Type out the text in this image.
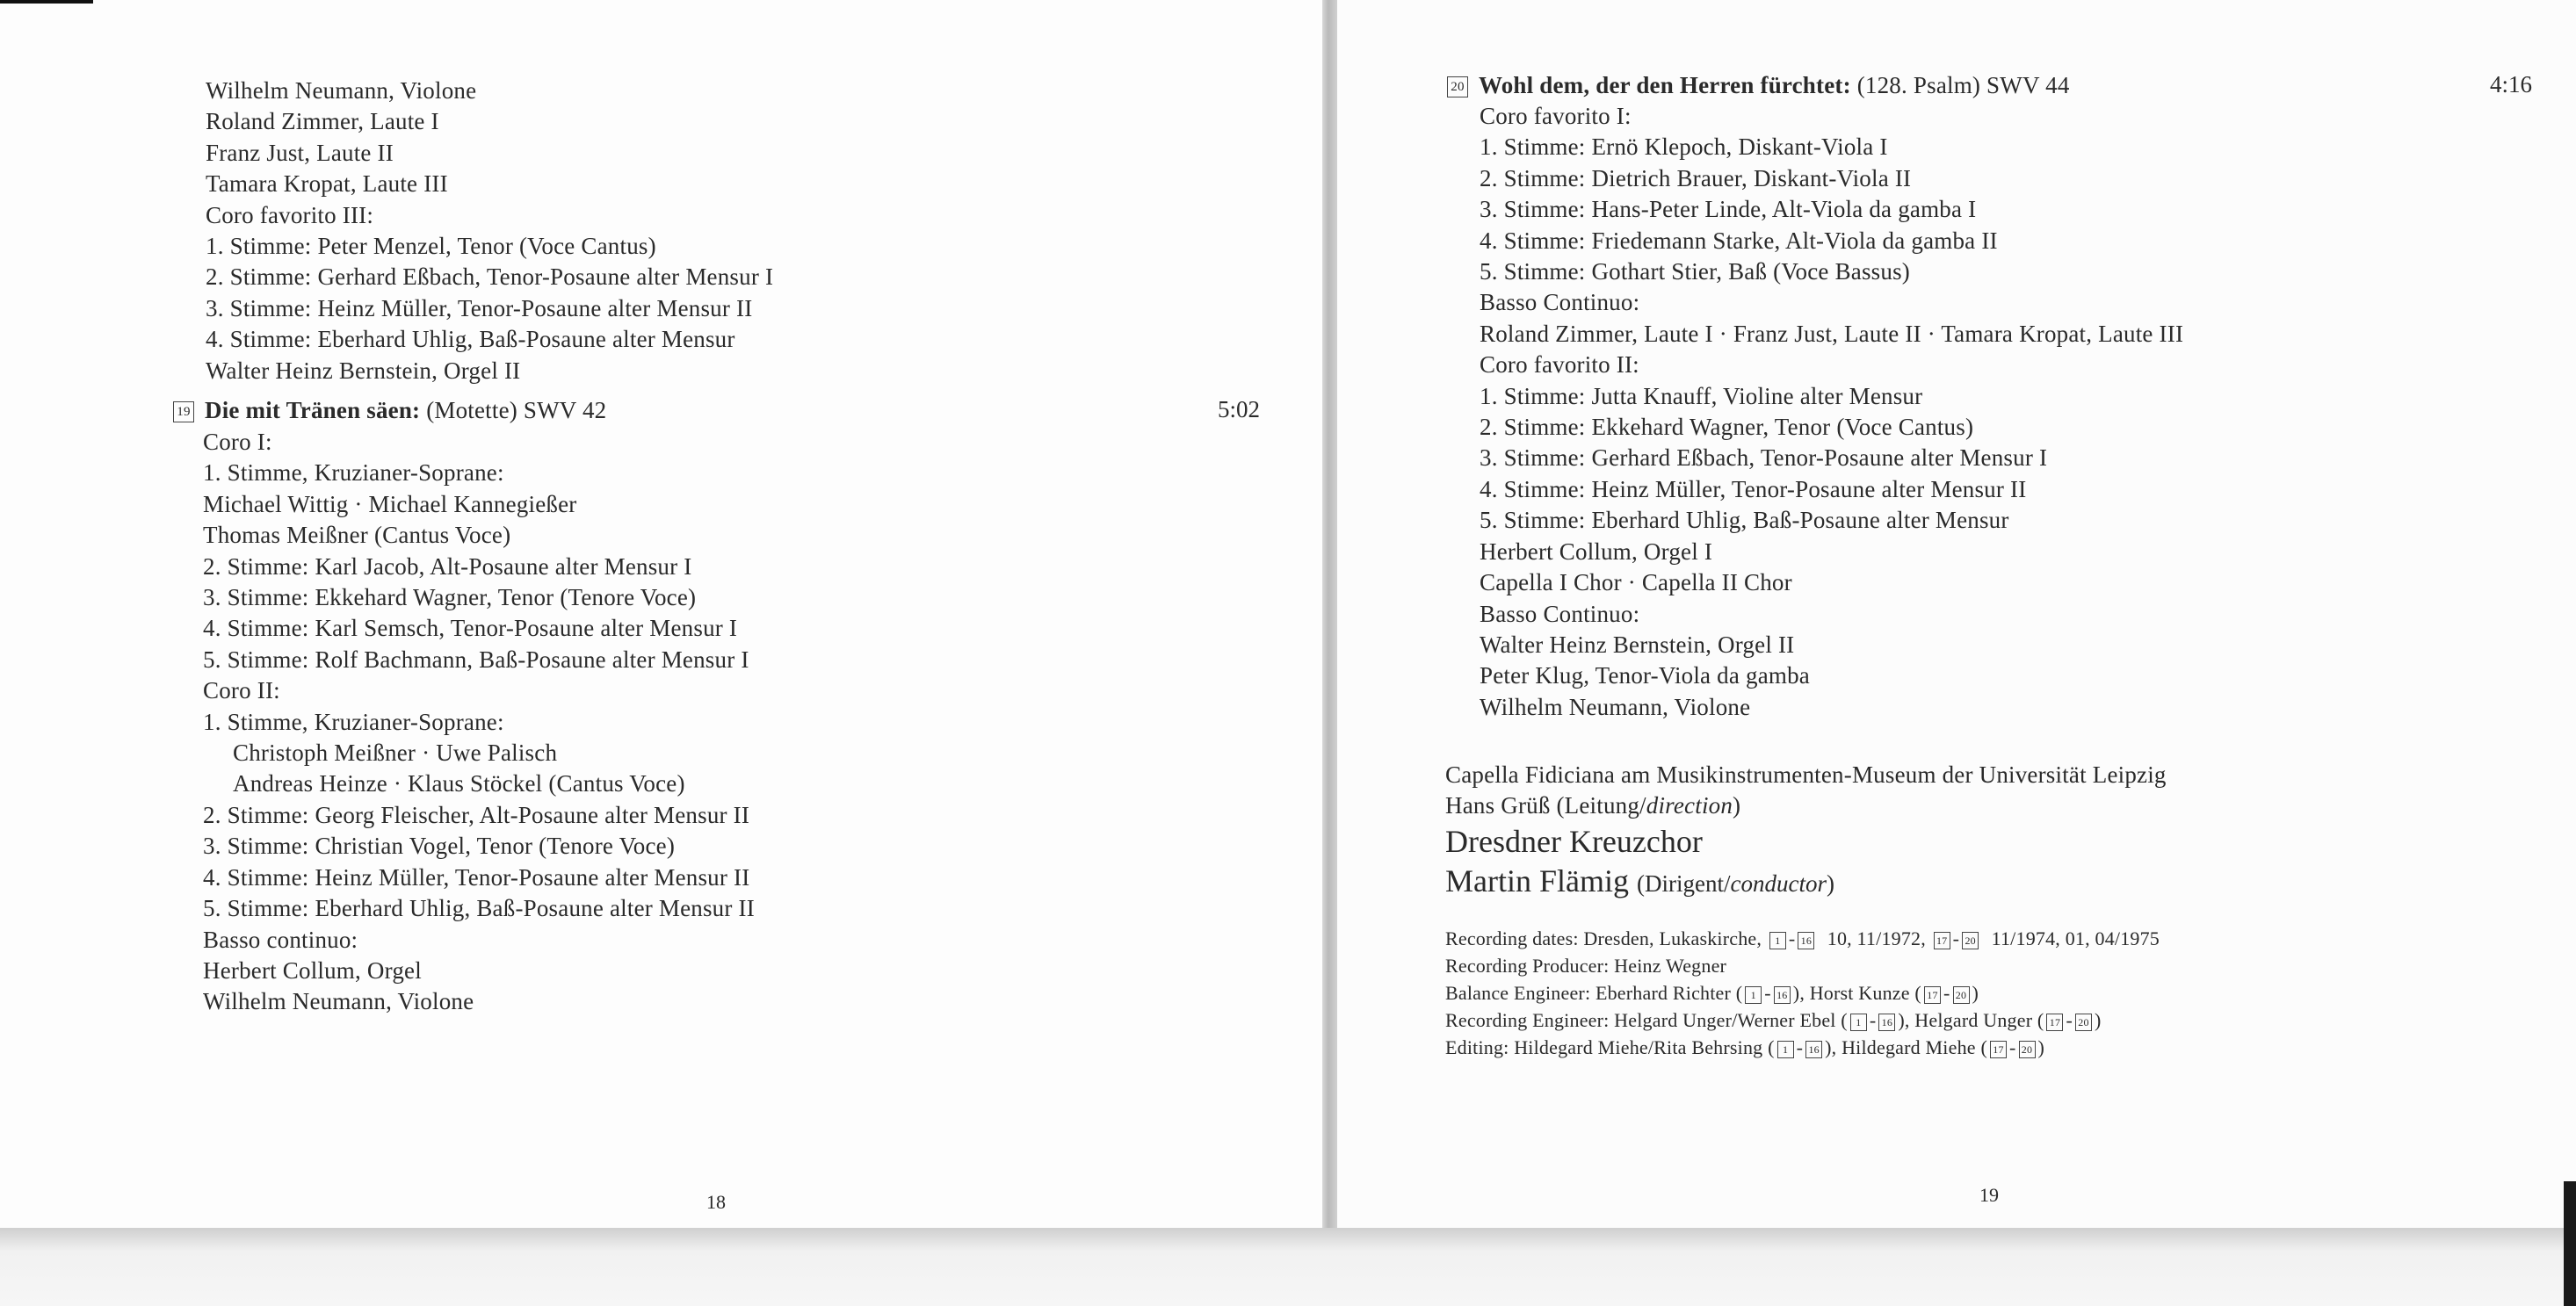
Wilhelm Neumann, Violone
Roland Zimmer, Laute I
Franz Just, Laute II
Tamara Kropat, Laute III
Coro favorito III:
1. Stimme: Peter Menzel, Tenor (Voce Cantus)
2. Stimme: Gerhard Eßbach, Tenor-Posaune alter Mensur I
3. Stimme: Heinz Müller, Tenor-Posaune alter Mensur II
4. Stimme: Eberhard Uhlig, Baß-Posaune alter Mensur
Walter Heinz Bernstein, Orgel II
19 Die mit Tränen säen: (Motette) SWV 42	5:02
Coro I:
1. Stimme, Kruzianer-Soprane:
Michael Wittig · Michael Kannegießer
Thomas Meißner (Cantus Voce)
2. Stimme: Karl Jacob, Alt-Posaune alter Mensur I
3. Stimme: Ekkehard Wagner, Tenor (Tenore Voce)
4. Stimme: Karl Semsch, Tenor-Posaune alter Mensur I
5. Stimme: Rolf Bachmann, Baß-Posaune alter Mensur I
Coro II:
1. Stimme, Kruzianer-Soprane:
Christoph Meißner · Uwe Palisch
Andreas Heinze · Klaus Stöckel (Cantus Voce)
2. Stimme: Georg Fleischer, Alt-Posaune alter Mensur II
3. Stimme: Christian Vogel, Tenor (Tenore Voce)
4. Stimme: Heinz Müller, Tenor-Posaune alter Mensur II
5. Stimme: Eberhard Uhlig, Baß-Posaune alter Mensur II
Basso continuo:
Herbert Collum, Orgel
Wilhelm Neumann, Violone
18
20 Wohl dem, der den Herren fürchtet: (128. Psalm) SWV 44	4:16
Coro favorito I:
1. Stimme: Ernö Klepoch, Diskant-Viola I
2. Stimme: Dietrich Brauer, Diskant-Viola II
3. Stimme: Hans-Peter Linde, Alt-Viola da gamba I
4. Stimme: Friedemann Starke, Alt-Viola da gamba II
5. Stimme: Gothart Stier, Baß (Voce Bassus)
Basso Continuo:
Roland Zimmer, Laute I · Franz Just, Laute II · Tamara Kropat, Laute III
Coro favorito II:
1. Stimme: Jutta Knauff, Violine alter Mensur
2. Stimme: Ekkehard Wagner, Tenor (Voce Cantus)
3. Stimme: Gerhard Eßbach, Tenor-Posaune alter Mensur I
4. Stimme: Heinz Müller, Tenor-Posaune alter Mensur II
5. Stimme: Eberhard Uhlig, Baß-Posaune alter Mensur
Herbert Collum, Orgel I
Capella I Chor · Capella II Chor
Basso Continuo:
Walter Heinz Bernstein, Orgel II
Peter Klug, Tenor-Viola da gamba
Wilhelm Neumann, Violone
Capella Fidiciana am Musikinstrumenten-Museum der Universität Leipzig
Hans Grüß (Leitung/direction)
Dresdner Kreuzchor
Martin Flämig (Dirigent/conductor)
Recording dates: Dresden, Lukaskirche, 1 - 16 10, 11/1972, 17 - 20 11/1974, 01, 04/1975
Recording Producer: Heinz Wegner
Balance Engineer: Eberhard Richter ( 1 - 16 ), Horst Kunze ( 17 - 20 )
Recording Engineer: Helgard Unger/Werner Ebel ( 1 - 16 ), Helgard Unger ( 17 - 20 )
Editing: Hildegard Miehe/Rita Behrsing ( 1 - 16 ), Hildegard Miehe ( 17 - 20 )
19
